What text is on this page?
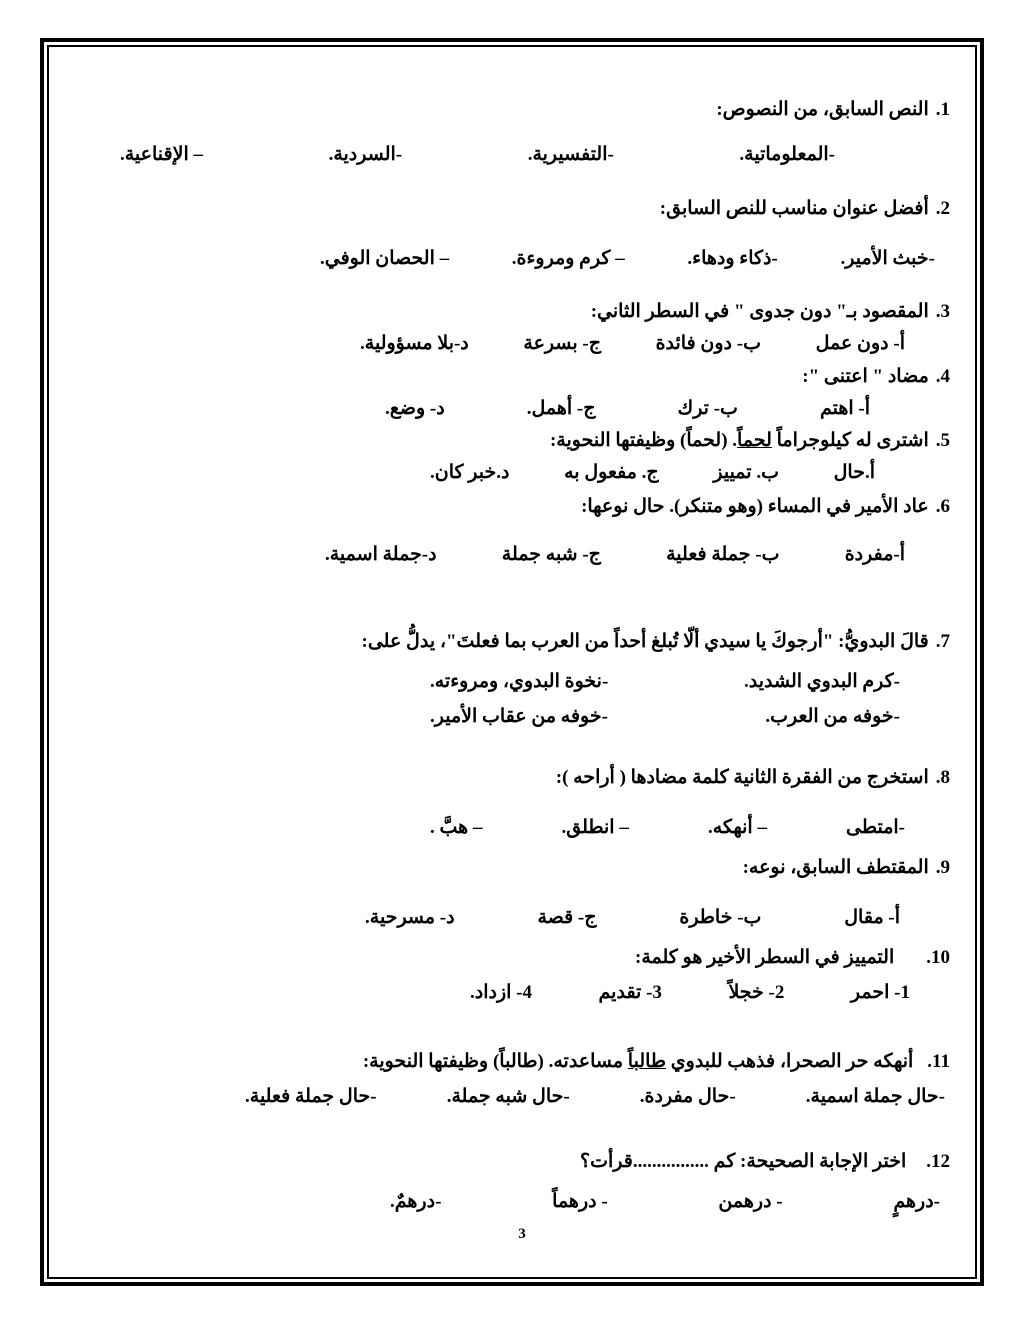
1.النص السابق، من النصوص:
-المعلوماتية.
-التفسيرية.
-السردية.
– الإقناعية.
2.أفضل عنوان مناسب للنص السابق:
-خبث الأمير.
-ذكاء ودهاء.
– كرم ومروءة.
– الحصان الوفي.
3.المقصود بـ" دون جدوى " في السطر الثاني:
أ- دون عمل
ب- دون فائدة
ج- بسرعة
د-بلا مسؤولية.
4.مضاد " اعتنى ":
أ- اهتم
ب- ترك
ج- أهمل.
د- وضع.
5.اشترى له كيلوجراماً لحماً. (لحماً) وظيفتها النحوية:
أ.حال
ب. تمييز
ج. مفعول به
د.خبر كان.
6.عاد الأمير في المساء (وهو متنكر). حال نوعها:
أ-مفردة
ب- جملة فعلية
ج- شبه جملة
د-جملة اسمية.
7.قالَ البدويُّ: "أرجوكَ يا سيدي ألّا تُبلغ أحداً من العرب بما فعلتَ"، يدلُّ على:
-كرم البدوي الشديد.
-نخوة البدوي، ومروءته.
-خوفه من العرب.
-خوفه من عقاب الأمير.
8.استخرج من الفقرة الثانية كلمة مضادها ( أراحه ):
-امتطى
– أنهكه.
– انطلق.
– هبَّ .
9.المقتطف السابق، نوعه:
أ- مقال
ب- خاطرة
ج- قصة
د- مسرحية.
10.التمييز في السطر الأخير هو كلمة:
1- احمر
2- خجلاً
3- تقديم
4- ازداد.
11.أنهكه حر الصحرا، فذهب للبدوي طالباً مساعدته. (طالباً) وظيفتها النحوية:
-حال جملة اسمية.
-حال مفردة.
-حال شبه جملة.
-حال جملة فعلية.
12.اختر الإجابة الصحيحة: كم ................قرأت؟
-درهمٍ
- درهمن
- درهماً
-درهمٌ.
3
